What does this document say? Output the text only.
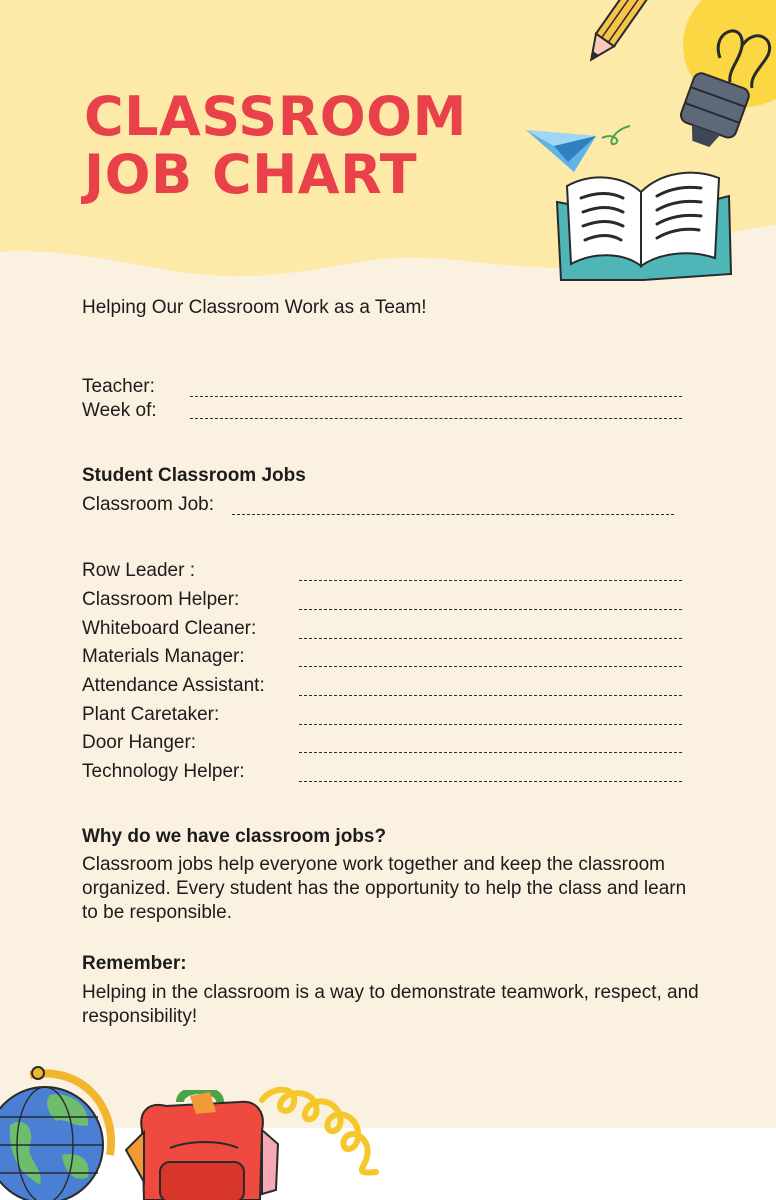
CLASSROOM
JOB CHART
Helping Our Classroom Work as a Team!
Teacher:
Week of:
Student Classroom Jobs
Classroom Job:
Row Leader :
Classroom Helper:
Whiteboard Cleaner:
Materials Manager:
Attendance Assistant:
Plant Caretaker:
Door Hanger:
Technology Helper:
Why do we have classroom jobs?
Classroom jobs help everyone work together and keep the classroom organized. Every student has the opportunity to help the class and learn to be responsible.
Remember:
Helping in the classroom is a way to demonstrate teamwork, respect, and responsibility!
